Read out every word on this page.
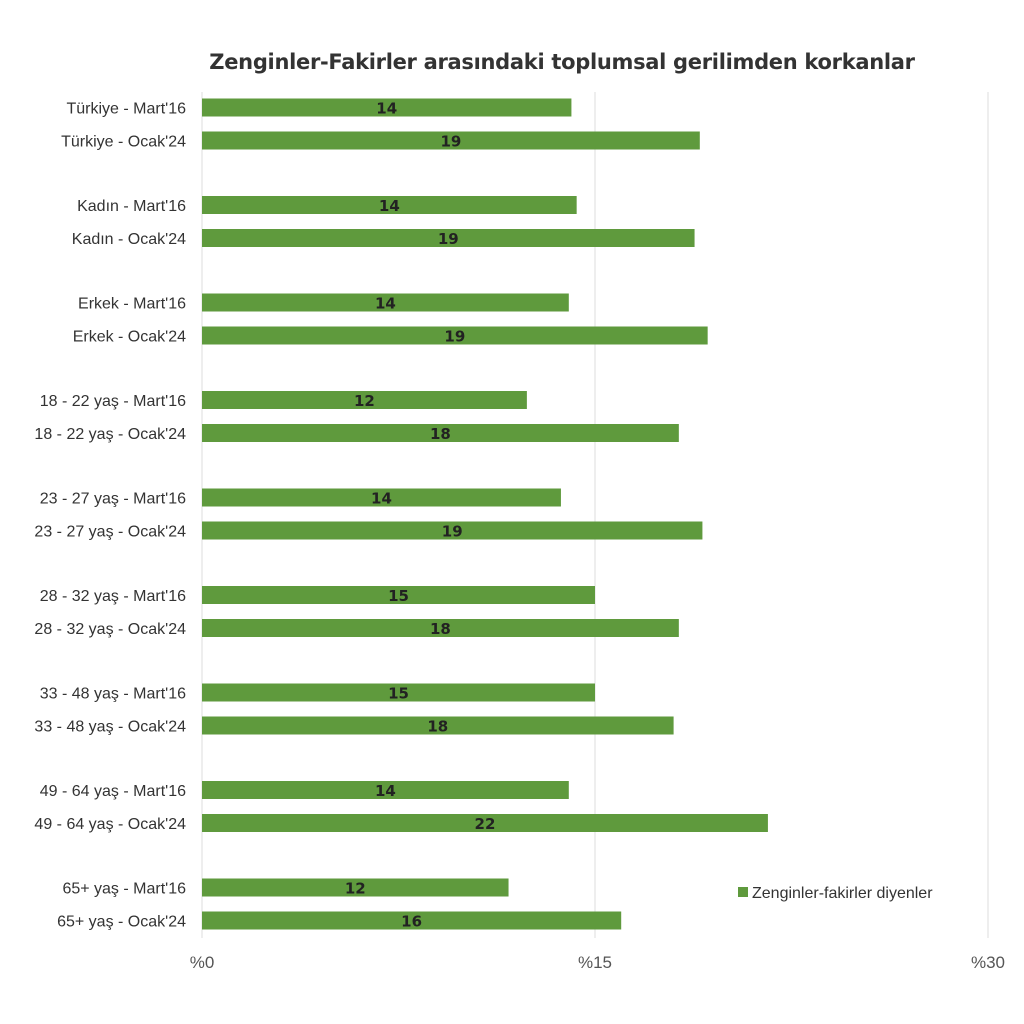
Zenginler-Fakirler arasındaki toplumsal gerilimden korkanlar
Türkiye - Mart'16
Türkiye - Ocak'24
Kadın - Mart'16
Kadın - Ocak'24
Erkek - Mart'16
Erkek - Ocak'24
18 - 22 yaş - Mart'16
18 - 22 yaş - Ocak'24
23 - 27 yaş - Mart'16
23 - 27 yaş - Ocak'24
28 - 32 yaş - Mart'16
28 - 32 yaş - Ocak'24
33 - 48 yaş - Mart'16
33 - 48 yaş - Ocak'24
49 - 64 yaş - Mart'16
49 - 64 yaş - Ocak'24
65+ yaş - Mart'16
65+ yaş - Ocak'24
14
19
14
19
14
19
12
18
14
19
15
18
15
18
14
22
12
16
%0	%15	%30
Zenginler-fakirler diyenler
